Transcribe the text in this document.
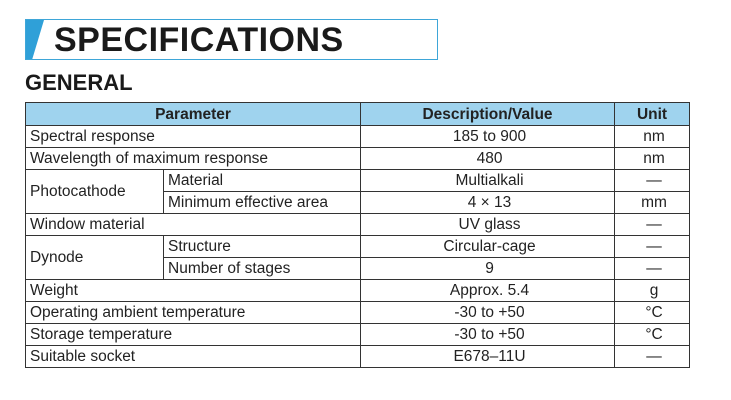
SPECIFICATIONS
GENERAL
Parameter		Description/Value	Unit
Spectral response		185 to 900	nm
Wavelength of maximum response		480	nm
Photocathode	Material	Multialkali	—
	Minimum effective area	4 × 13	mm
Window material		UV glass	—
Dynode	Structure	Circular-cage	—
	Number of stages	9	—
Weight		Approx. 5.4	g
Operating ambient temperature		-30 to +50	°C
Storage temperature		-30 to +50	°C
Suitable socket		E678–11U	—
